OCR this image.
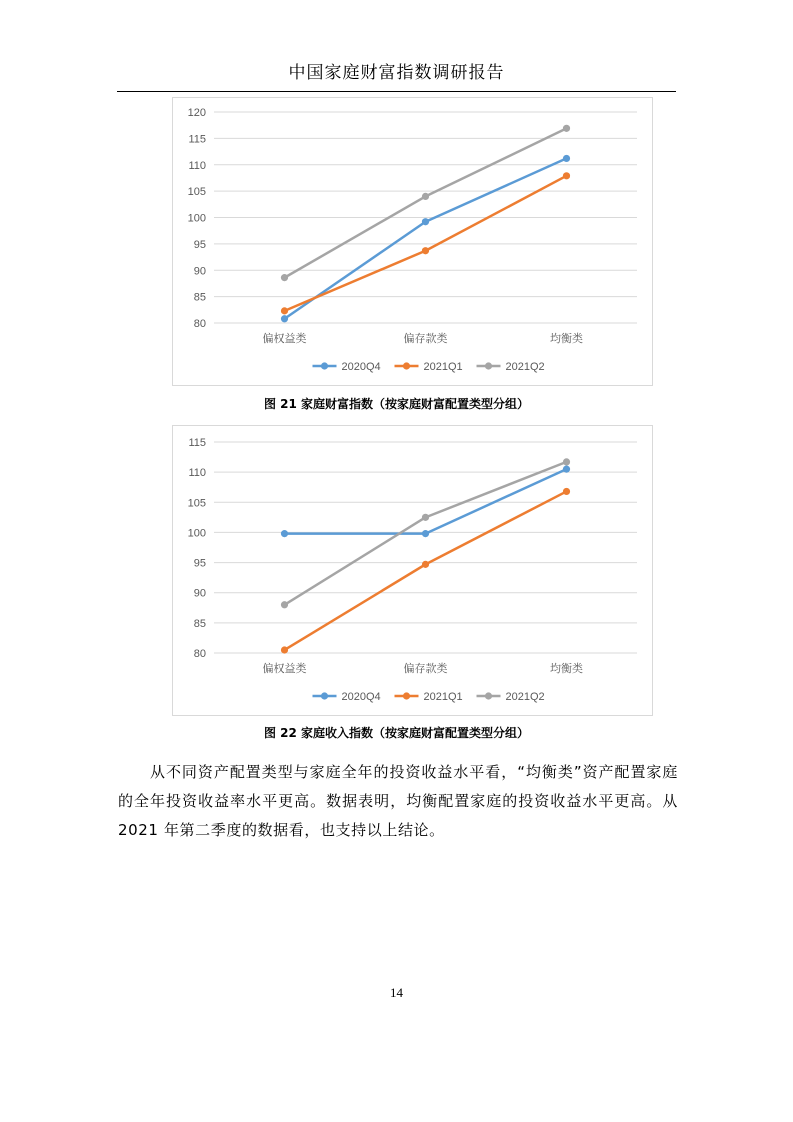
中国家庭财富指数调研报告
80
85
90
95
100
105
110
115
120
偏权益类	偏存款类	均衡类
2020Q4	2021Q1	2021Q2
图 21 家庭财富指数（按家庭财富配置类型分组）
80
85
90
95
100
105
110
115
偏权益类	偏存款类	均衡类
2020Q4	2021Q1	2021Q2
图 22 家庭收入指数（按家庭财富配置类型分组）
从不同资产配置类型与家庭全年的投资收益水平看，“均衡类”资产配置家庭的全年投资收益率水平更高。数据表明，均衡配置家庭的投资收益水平更高。从 2021 年第二季度的数据看，也支持以上结论。
14
